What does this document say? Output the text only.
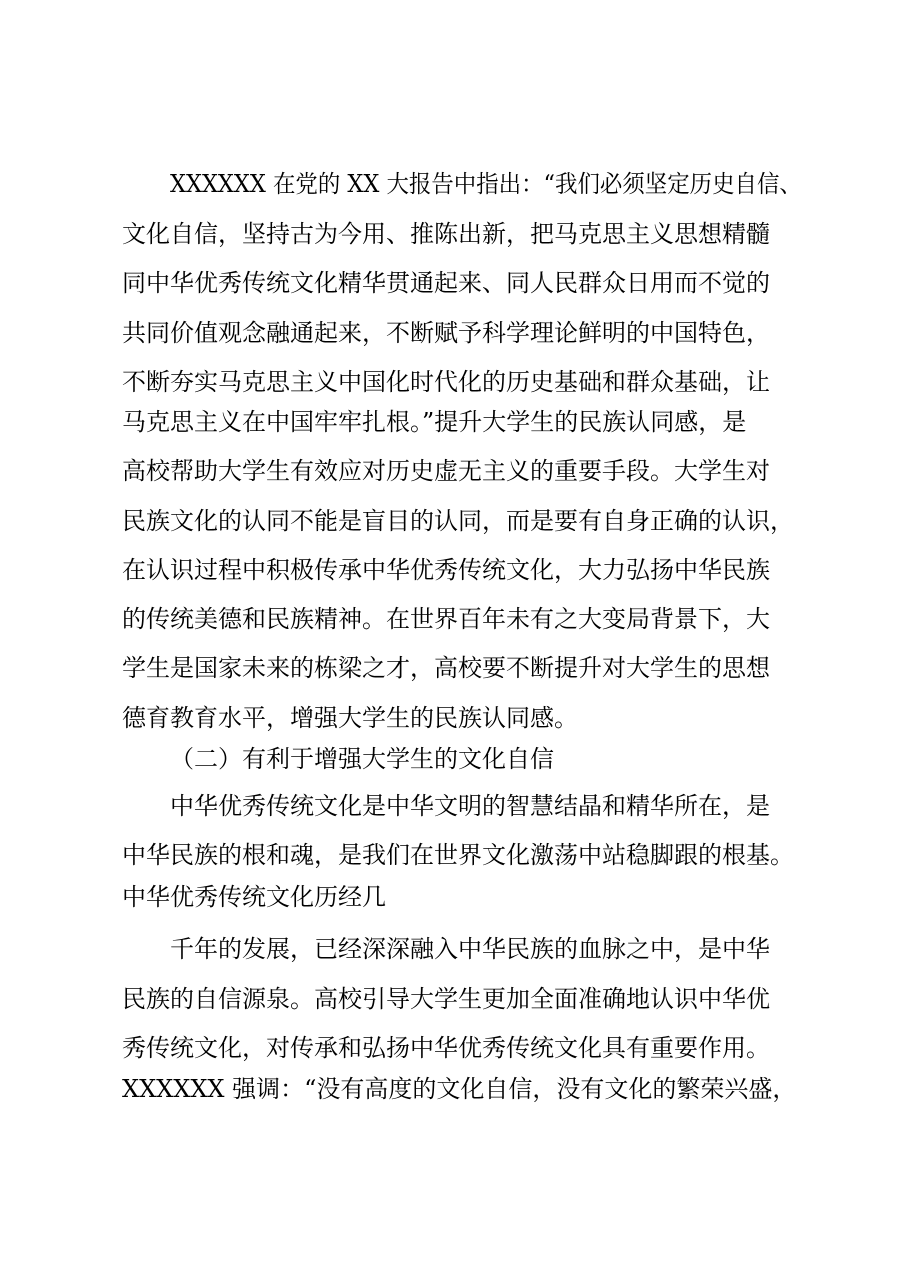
XXXXXX 在党的 XX 大报告中指出：“我们必须坚定历史自信、
文化自信，坚持古为今用、推陈出新，把马克思主义思想精髓
同中华优秀传统文化精华贯通起来、同人民群众日用而不觉的
共同价值观念融通起来，不断赋予科学理论鲜明的中国特色，
不断夯实马克思主义中国化时代化的历史基础和群众基础，让
马克思主义在中国牢牢扎根。”提升大学生的民族认同感，是
高校帮助大学生有效应对历史虚无主义的重要手段。大学生对
民族文化的认同不能是盲目的认同，而是要有自身正确的认识，
在认识过程中积极传承中华优秀传统文化，大力弘扬中华民族
的传统美德和民族精神。在世界百年未有之大变局背景下，大
学生是国家未来的栋梁之才，高校要不断提升对大学生的思想
德育教育水平，增强大学生的民族认同感。
（二）有利于增强大学生的文化自信
中华优秀传统文化是中华文明的智慧结晶和精华所在，是
中华民族的根和魂，是我们在世界文化激荡中站稳脚跟的根基。
中华优秀传统文化历经几
千年的发展，已经深深融入中华民族的血脉之中，是中华
民族的自信源泉。高校引导大学生更加全面准确地认识中华优
秀传统文化，对传承和弘扬中华优秀传统文化具有重要作用。
XXXXXX 强调：“没有高度的文化自信，没有文化的繁荣兴盛，
